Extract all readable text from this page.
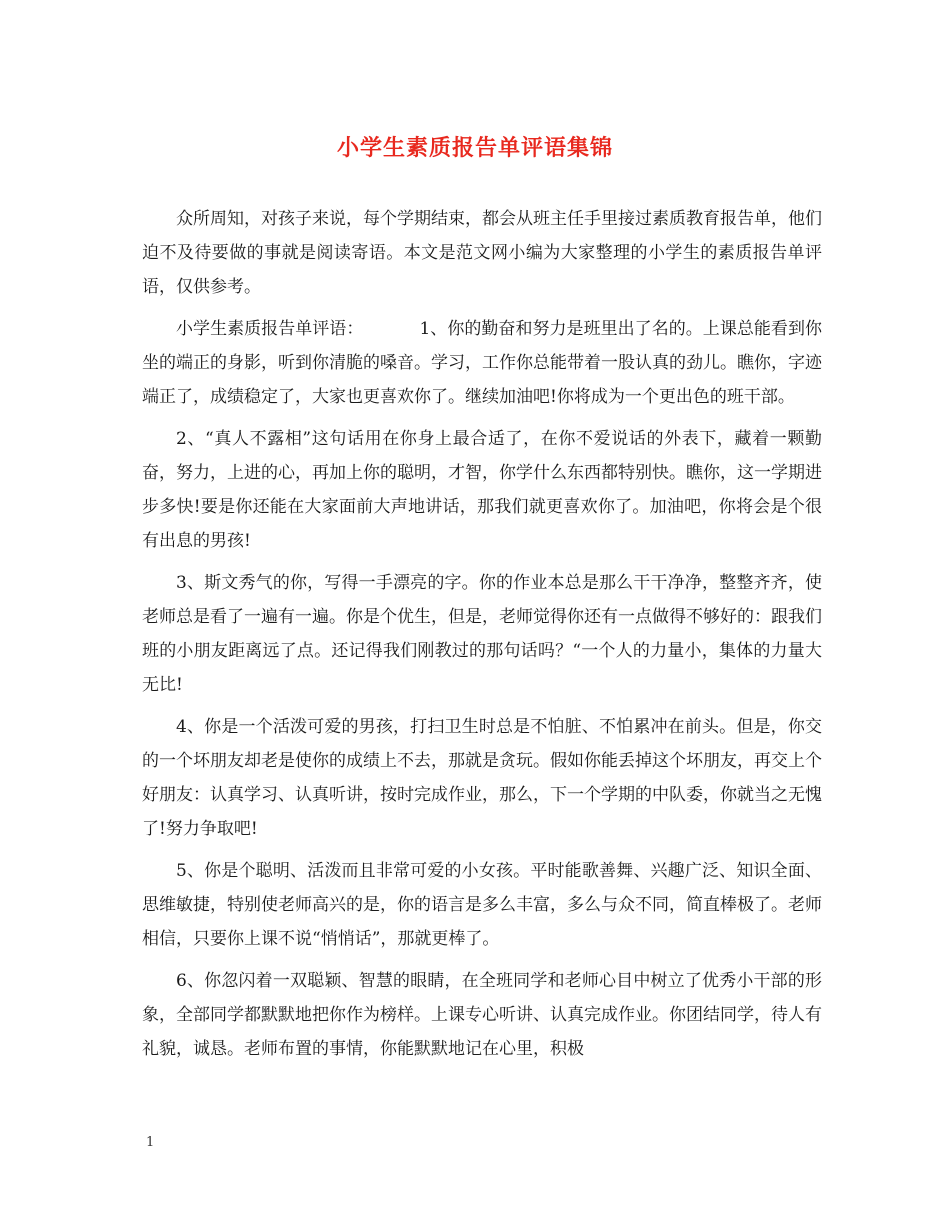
小学生素质报告单评语集锦

众所周知，对孩子来说，每个学期结束，都会从班主任手里接过素质教育报告单，他们迫不及待要做的事就是阅读寄语。本文是范文网小编为大家整理的小学生的素质报告单评语，仅供参考。

小学生素质报告单评语：	1、你的勤奋和努力是班里出了名的。上课总能看到你坐的端正的身影，听到你清脆的嗓音。学习，工作你总能带着一股认真的劲儿。瞧你，字迹端正了，成绩稳定了，大家也更喜欢你了。继续加油吧!你将成为一个更出色的班干部。

2、“真人不露相”这句话用在你身上最合适了，在你不爱说话的外表下，藏着一颗勤奋，努力，上进的心，再加上你的聪明，才智，你学什么东西都特别快。瞧你，这一学期进步多快!要是你还能在大家面前大声地讲话，那我们就更喜欢你了。加油吧，你将会是个很有出息的男孩!

3、斯文秀气的你，写得一手漂亮的字。你的作业本总是那么干干净净，整整齐齐，使老师总是看了一遍有一遍。你是个优生，但是，老师觉得你还有一点做得不够好的：跟我们班的小朋友距离远了点。还记得我们刚教过的那句话吗？“一个人的力量小，集体的力量大无比!

4、你是一个活泼可爱的男孩，打扫卫生时总是不怕脏、不怕累冲在前头。但是，你交的一个坏朋友却老是使你的成绩上不去，那就是贪玩。假如你能丢掉这个坏朋友，再交上个好朋友：认真学习、认真听讲，按时完成作业，那么，下一个学期的中队委，你就当之无愧了!努力争取吧!

5、你是个聪明、活泼而且非常可爱的小女孩。平时能歌善舞、兴趣广泛、知识全面、思维敏捷，特别使老师高兴的是，你的语言是多么丰富，多么与众不同，简直棒极了。老师相信，只要你上课不说“悄悄话”，那就更棒了。

6、你忽闪着一双聪颖、智慧的眼睛，在全班同学和老师心目中树立了优秀小干部的形象，全部同学都默默地把你作为榜样。上课专心听讲、认真完成作业。你团结同学，待人有礼貌，诚恳。老师布置的事情，你能默默地记在心里，积极

1
